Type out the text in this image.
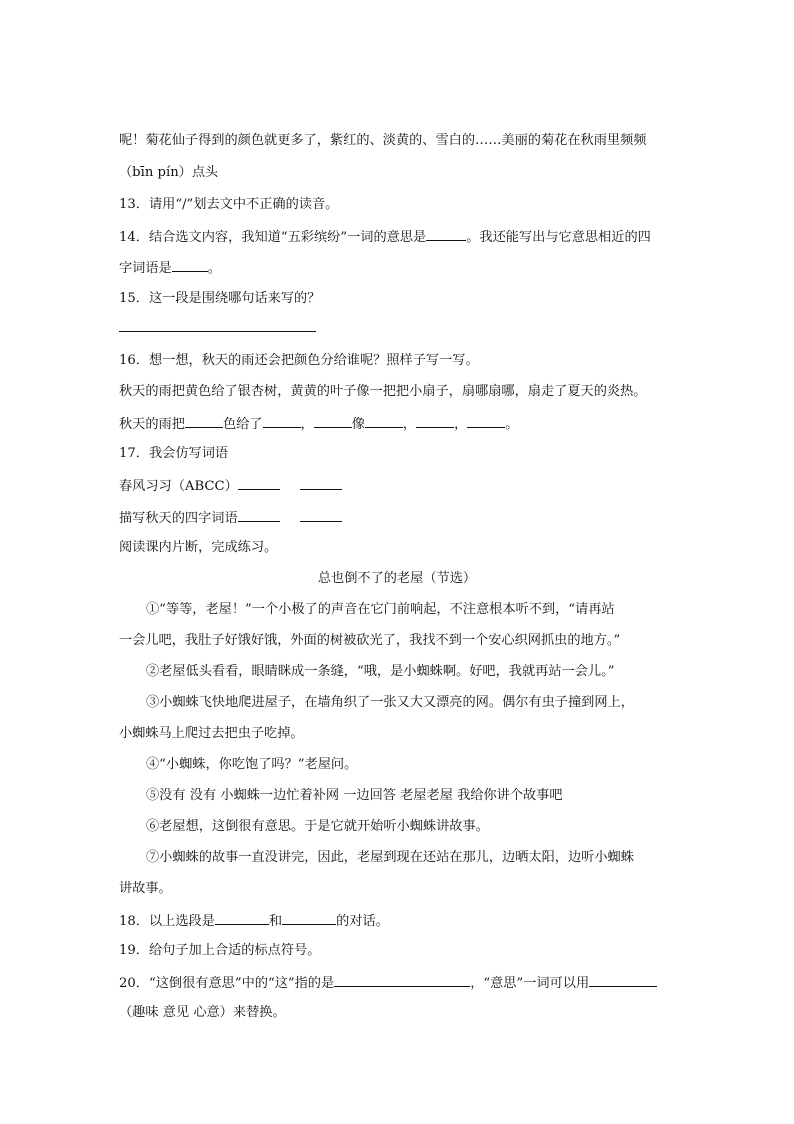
呢！菊花仙子得到的颜色就更多了，紫红的、淡黄的、雪白的……美丽的菊花在秋雨里频频
（bīn pín）点头
13．请用“/”划去文中不正确的读音。
14．结合选文内容，我知道“五彩缤纷”一词的意思是	。我还能写出与它意思相近的四
字词语是	。
15．这一段是围绕哪句话来写的？
16．想一想，秋天的雨还会把颜色分给谁呢？照样子写一写。
秋天的雨把黄色给了银杏树，黄黄的叶子像一把把小扇子，扇哪扇哪，扇走了夏天的炎热。
秋天的雨把	色给了	，	像	，	，	。
17．我会仿写词语
春风习习（ABCC）
描写秋天的四字词语
阅读课内片断，完成练习。
总也倒不了的老屋（节选）
①“等等，老屋！”一个小极了的声音在它门前响起，不注意根本听不到，“请再站
一会儿吧，我肚子好饿好饿，外面的树被砍光了，我找不到一个安心织网抓虫的地方。”
②老屋低头看看，眼睛眯成一条缝，“哦，是小蜘蛛啊。好吧，我就再站一会儿。”
③小蜘蛛飞快地爬进屋子，在墙角织了一张又大又漂亮的网。偶尔有虫子撞到网上，
小蜘蛛马上爬过去把虫子吃掉。
④“小蜘蛛，你吃饱了吗？”老屋问。
⑤没有 没有 小蜘蛛一边忙着补网 一边回答 老屋老屋 我给你讲个故事吧
⑥老屋想，这倒很有意思。于是它就开始听小蜘蛛讲故事。
⑦小蜘蛛的故事一直没讲完，因此，老屋到现在还站在那儿，边晒太阳，边听小蜘蛛
讲故事。
18．以上选段是	和	的对话。
19．给句子加上合适的标点符号。
20．“这倒很有意思”中的“这”指的是	，“意思”一词可以用
（趣味 意见 心意）来替换。
